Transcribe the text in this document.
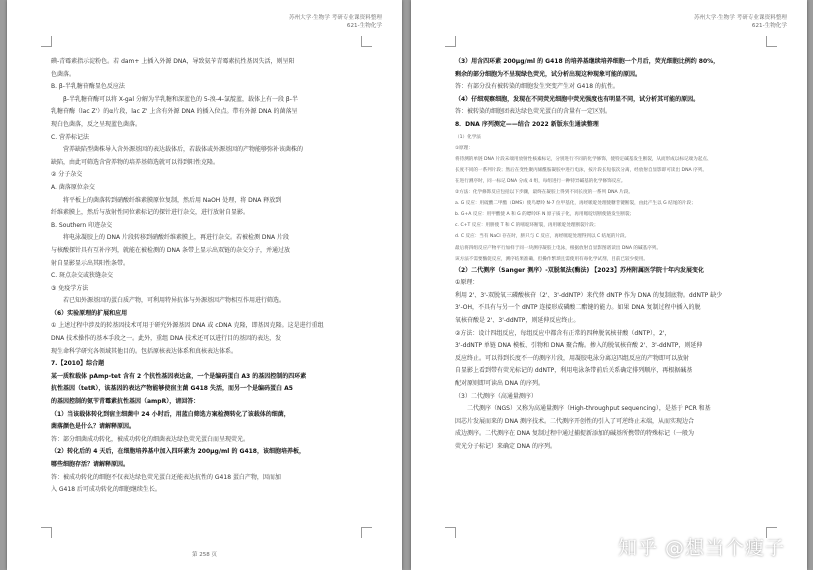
苏州大学·生物学 考研专业课资料整理
621-生物化学
碘-青霉素指示淀粉色。若 dam+ 上插入外源 DNA，导致氨苄青霉素抗性基因失活，则呈阳
色菌落。
B. β-半乳糖苷酶显色反应法
β-半乳糖苷酶可以将 X-gal 分解为半乳糖和深蓝色的 5-溴-4-氯靛蓝，载体上有一段 β-半
乳糖苷酶（lac Z'）的α片段，lac Z' 上含有外源 DNA 的插入位点。带有外源 DNA 的菌落呈
现白色菌落，反之呈现蓝色菌落。
C. 营养标记法
营养缺陷型菌株导入含外源基因的表达载体后，若载体或外源基因的产物能够弥补该菌株的
缺陷，由此可筛选含营养物的培养基筛选就可以得到阳性克隆。
② 分子杂交
A. 菌落原位杂交
将平板上的菌落转到硝酸纤维素膜原位复制，然后用 NaOH 处理，将 DNA 释放到
纤维素膜上，然后与放射性同位素标记的探针进行杂交，进行放射自显影。
B. Southern 印迹杂交
将电泳凝胶上的 DNA 片段转移到硝酸纤维素膜上，再进行杂交。若被检测 DNA 片段
与核酸探针具有互补序列，就能在被检测的 DNA 条带上显示出双链的杂交分子，并通过放
射自显影显示出其阳性条带。
C. 斑点杂交或狭缝杂交
③ 免疫学方法
若已知外源基因的蛋白质产物，可利用特异抗体与外源基因产物相互作用进行筛选。
（6）实验原理的扩展和应用
① 上述过程中涉及的转基因技术可用于研究外源基因 DNA 或 cDNA 克隆，即基因克隆。这是进行重组
DNA 技术操作的基本手段之一。此外，重组 DNA 技术还可以进行目的基因的表达，发
现生命科学研究各领域其他目的。包括原核表达体系和真核表达体系。
7.【2010】综合题
某一质粒载体 pAmp-tet 含有 2 个抗性基因表达盒，一个是编码蛋白 A3 的基因控制的四环素
抗性基因（tetR），该基因的表达产物能够使宿主菌 G418 失活，而另一个是编码蛋白 A5
的基因控制的氨苄青霉素抗性基因（ampR），请回答：
（1）当该载体转化到宿主细菌中 24 小时后，用蓝白筛选方案检测转化了该载体的细菌，
菌落颜色是什么？请解释原因。
答：部分细菌成功转化，被成功转化的细菌表达绿色荧光蛋白而呈现荧光。
（2）转化后的 4 天后，在细胞培养基中加入四环素为 200μg/ml 的 G418，该细胞培养板，
哪些细胞存活？请解释原因。
答：被成功转化的细胞不仅表达绿色荧光蛋白还能表达抗性的 G418 蛋白产物，因而加
入 G418 后可成功转化的细胞继续生长。
第 258 页
苏州大学·生物学 考研专业课资料整理
621-生物化学
（3）用含四环素 200μg/ml 的 G418 的培养基继续培养细胞一个月后，荧光细胞比例约 80%，
剩余的部分细胞为不呈现绿色荧光，试分析出现这种现象可能的原因。
答：有部分没有被转染的细胞发生突变产生对 G418 的抗性。
（4）仔细观察细胞，发现在不同荧光细胞中荧光强度也有明显不同，试分析其可能的原因。
答：被转染的细胞团表达绿色荧光蛋白的含量有一定区别。
8．DNA 序列测定——结合 2022 新版东生通读整理
（1）化学法
①原理：
将待测的单链 DNA 片段末端用放射性核素标记，分别进行不同的化学修饰，使特定碱基发生断裂，从而形成以标记端为起点、
长度不同的一系列片段；然后在变性聚丙烯酰胺凝胶中进行电泳，按片段长短依次分离，经放射自显影即可读出 DNA 序列。
在进行测序时，同一标记 DNA 分成 4 组，每组进行一种特异碱基的化学修饰反应。
②方法：化学修饰反应包括以下步骤，最终在凝胶上得到不同长度的一系列 DNA 片段。
a. G 反应：用硫酸二甲酯（DMS）使鸟嘌呤 N-7 位甲基化，再经哌啶处理使糖苷键断裂，由此产生以 G 结尾的片段；
b. G+A 反应：用甲酸使 A 和 G 的嘌呤环 N 原子质子化，再用哌啶切断使链发生断裂；
c. C+T 反应：用肼使 T 和 C 的嘧啶环断裂，再用哌啶处理断裂片段；
d. C 反应：当有 NaCl 存在时，肼只与 C 反应，再经哌啶处理得到以 C 结尾的片段。
最后将四组反应产物平行加样于同一块测序凝胶上电泳，根据放射自显影图谱读出 DNA 的碱基序列。
该方法不需要酶促反应，测序结果准确，但操作繁琐且需使用有毒化学试剂，目前已较少使用。
（2）二代测序（Sanger 测序）-双脱氧法(酶法) 【2023】苏州附属医学院十年内发展变化
①原理：
利用 2'、3'-双脱氧三磷酸核苷（2'、3'-ddNTP）来代替 dNTP 作为 DNA 的复制底物。ddNTP 缺少
3'-OH，不具有与另一个 dNTP 连接形成磷酸二酯键的能力。如果 DNA 复制过程中插入的脱
氧核苷酸是 2'、3'-ddNTP，则延伸反应终止。
②方法：设计四组反应，每组反应中都含有正常的四种脱氧核苷酸（dNTP），2'，
3'-ddNTP 单链 DNA 模板、引物和 DNA 聚合酶。掺入的脱氧核苷酸 2'、3'-ddNTP，则延伸
反应终止。可以得到长度不一的测序片段，用凝胶电泳分离这四组反应的产物即可以放射
自显影上看到带有荧光标记的 ddNTP，利用电泳条带前后关系确定排列顺序，再根据碱基
配对原则即可读出 DNA 的序列。
（3）二代测序（高通量测序）
二代测序（NGS）又称为高通量测序（High-throughput sequencing），是基于 PCR 和基
因芯片发展而来的 DNA 测序技术。二代测序开创性的引入了可逆终止末端，从而实现边合
成边测序。二代测序在 DNA 复制过程中通过捕捉新添加的碱基所携带的特殊标记（一般为
荧光分子标记）来确定 DNA 的序列。
知乎 @想当个瘦子
